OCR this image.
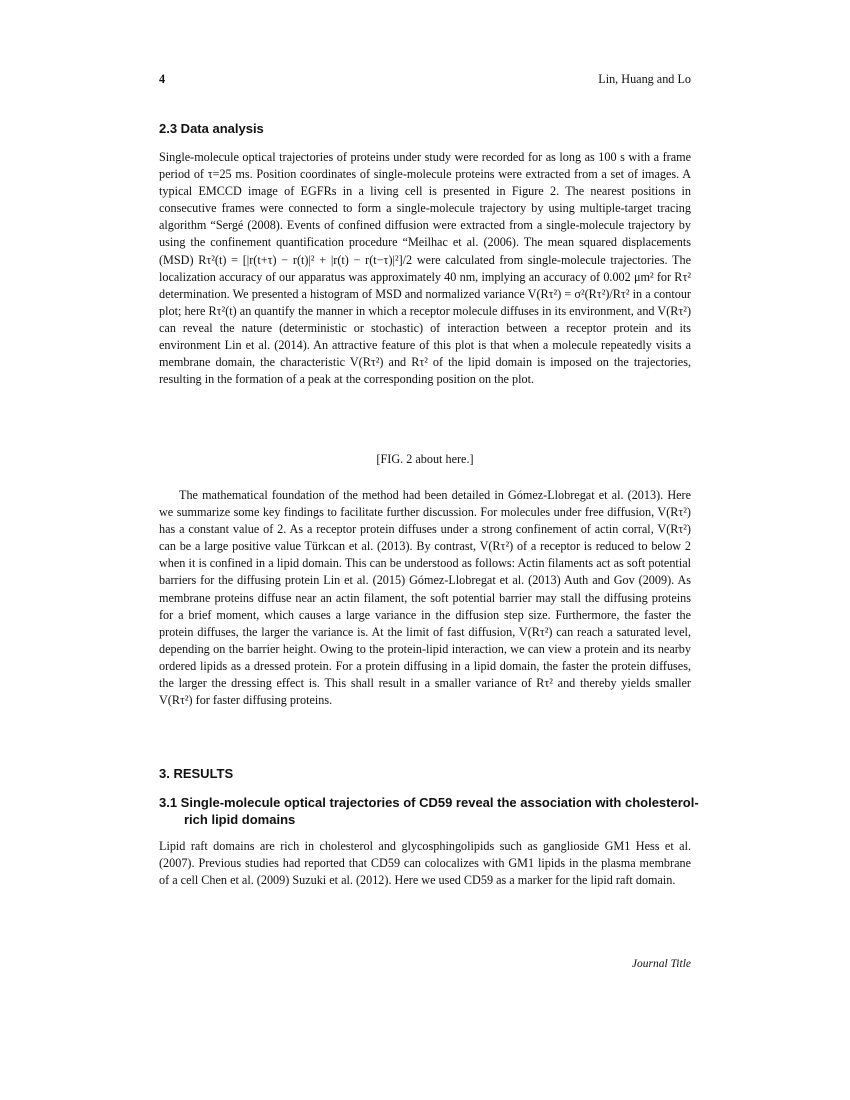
4	Lin, Huang and Lo
2.3 Data analysis
Single-molecule optical trajectories of proteins under study were recorded for as long as 100 s with a frame period of τ=25 ms. Position coordinates of single-molecule proteins were extracted from a set of images. A typical EMCCD image of EGFRs in a living cell is presented in Figure 2. The nearest positions in consecutive frames were connected to form a single-molecule trajectory by using multiple-target tracing algorithm “Sergé (2008). Events of confined diffusion were extracted from a single-molecule trajectory by using the confinement quantification procedure “Meilhac et al. (2006). The mean squared displacements (MSD) Rτ²(t) = [|r(t+τ) − r(t)|² + |r(t) − r(t−τ)|²]/2 were calculated from single-molecule trajectories. The localization accuracy of our apparatus was approximately 40 nm, implying an accuracy of 0.002 μm² for Rτ² determination. We presented a histogram of MSD and normalized variance V(Rτ²) = σ²(Rτ²)/Rτ² in a contour plot; here Rτ²(t) an quantify the manner in which a receptor molecule diffuses in its environment, and V(Rτ²) can reveal the nature (deterministic or stochastic) of interaction between a receptor protein and its environment Lin et al. (2014). An attractive feature of this plot is that when a molecule repeatedly visits a membrane domain, the characteristic V(Rτ²) and Rτ² of the lipid domain is imposed on the trajectories, resulting in the formation of a peak at the corresponding position on the plot.
[FIG. 2 about here.]
The mathematical foundation of the method had been detailed in Gómez-Llobregat et al. (2013). Here we summarize some key findings to facilitate further discussion. For molecules under free diffusion, V(Rτ²) has a constant value of 2. As a receptor protein diffuses under a strong confinement of actin corral, V(Rτ²) can be a large positive value Türkcan et al. (2013). By contrast, V(Rτ²) of a receptor is reduced to below 2 when it is confined in a lipid domain. This can be understood as follows: Actin filaments act as soft potential barriers for the diffusing protein Lin et al. (2015) Gómez-Llobregat et al. (2013) Auth and Gov (2009). As membrane proteins diffuse near an actin filament, the soft potential barrier may stall the diffusing proteins for a brief moment, which causes a large variance in the diffusion step size. Furthermore, the faster the protein diffuses, the larger the variance is. At the limit of fast diffusion, V(Rτ²) can reach a saturated level, depending on the barrier height. Owing to the protein-lipid interaction, we can view a protein and its nearby ordered lipids as a dressed protein. For a protein diffusing in a lipid domain, the faster the protein diffuses, the larger the dressing effect is. This shall result in a smaller variance of Rτ² and thereby yields smaller V(Rτ²) for faster diffusing proteins.
3. RESULTS
3.1 Single-molecule optical trajectories of CD59 reveal the association with cholesterol-rich lipid domains
Lipid raft domains are rich in cholesterol and glycosphingolipids such as ganglioside GM1 Hess et al. (2007). Previous studies had reported that CD59 can colocalizes with GM1 lipids in the plasma membrane of a cell Chen et al. (2009) Suzuki et al. (2012). Here we used CD59 as a marker for the lipid raft domain.
Journal Title
